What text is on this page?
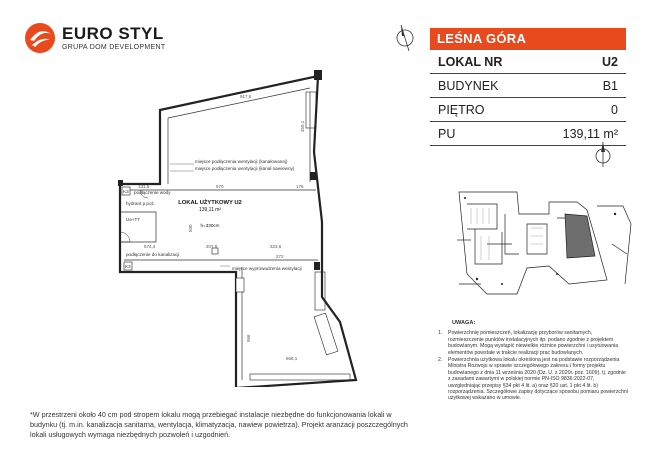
EURO STYL
GRUPA DOM DEVELOPMENT
LEŚNA GÓRA
LOKAL NR	U2
BUDYNEK	B1
PIĘTRO	0
PU	139,11 m²
UWAGA:
1.	Powierzchnię pomieszczeń, lokalizację przyborów sanitarnych, rozmieszczenie punktów instalacyjnych itp. podano zgodnie z projektem budowlanym. Mogą wystąpić niewielkie różnice powierzchni i usytuowania elementów powstałe w trakcie realizacji prac budowlanych.
2.	Powierzchnia użytkowa lokalu określona jest na podstawie rozporządzenia Ministra Rozwoju w sprawie szczegółowego zakresu i formy projektu budowlanego z dnia 11 września 2020 (Dz. U. z 2020r. poz. 1609), tj. zgodnie z zasadami zawartymi w polskiej normie PN-ISO 9836:2022-07, uwzględniając przepisy §34 pkt 4 lit. a) oraz §20 ust. 1 pkt 4 lit. b) rozporządzenia. Szczegółowe zapisy dotyczące sposobu pomiaru powierzchni użytkowej wskazano w umowie.
917,5
570	176
131,5
574,4	207,8	323,6
272
666,1
966
450,1
500
miejsce podłączenia wentylacji (kanałowanej)
miejsce podłączenia wentylacji (kanał nawiewny)
podłączenie wody
hydrant p.poż.
Ue+TT
podłączenie do kanalizacji
miejsce wyprowadzenia wentylacji
K3
K3
LOKAL UŻYTKOWY U2
139,11 m²
h=330cm
*W przestrzeni około 40 cm pod stropem lokalu mogą przebiegać instalacje niezbędne do funkcjonowania lokali w budynku (tj. m.in. kanalizacja sanitarna, wentylacja, klimatyzacja, nawiew powietrza). Projekt aranżacji poszczególnych lokali usługowych wymaga niezbędnych pozwoleń i uzgodnień.
